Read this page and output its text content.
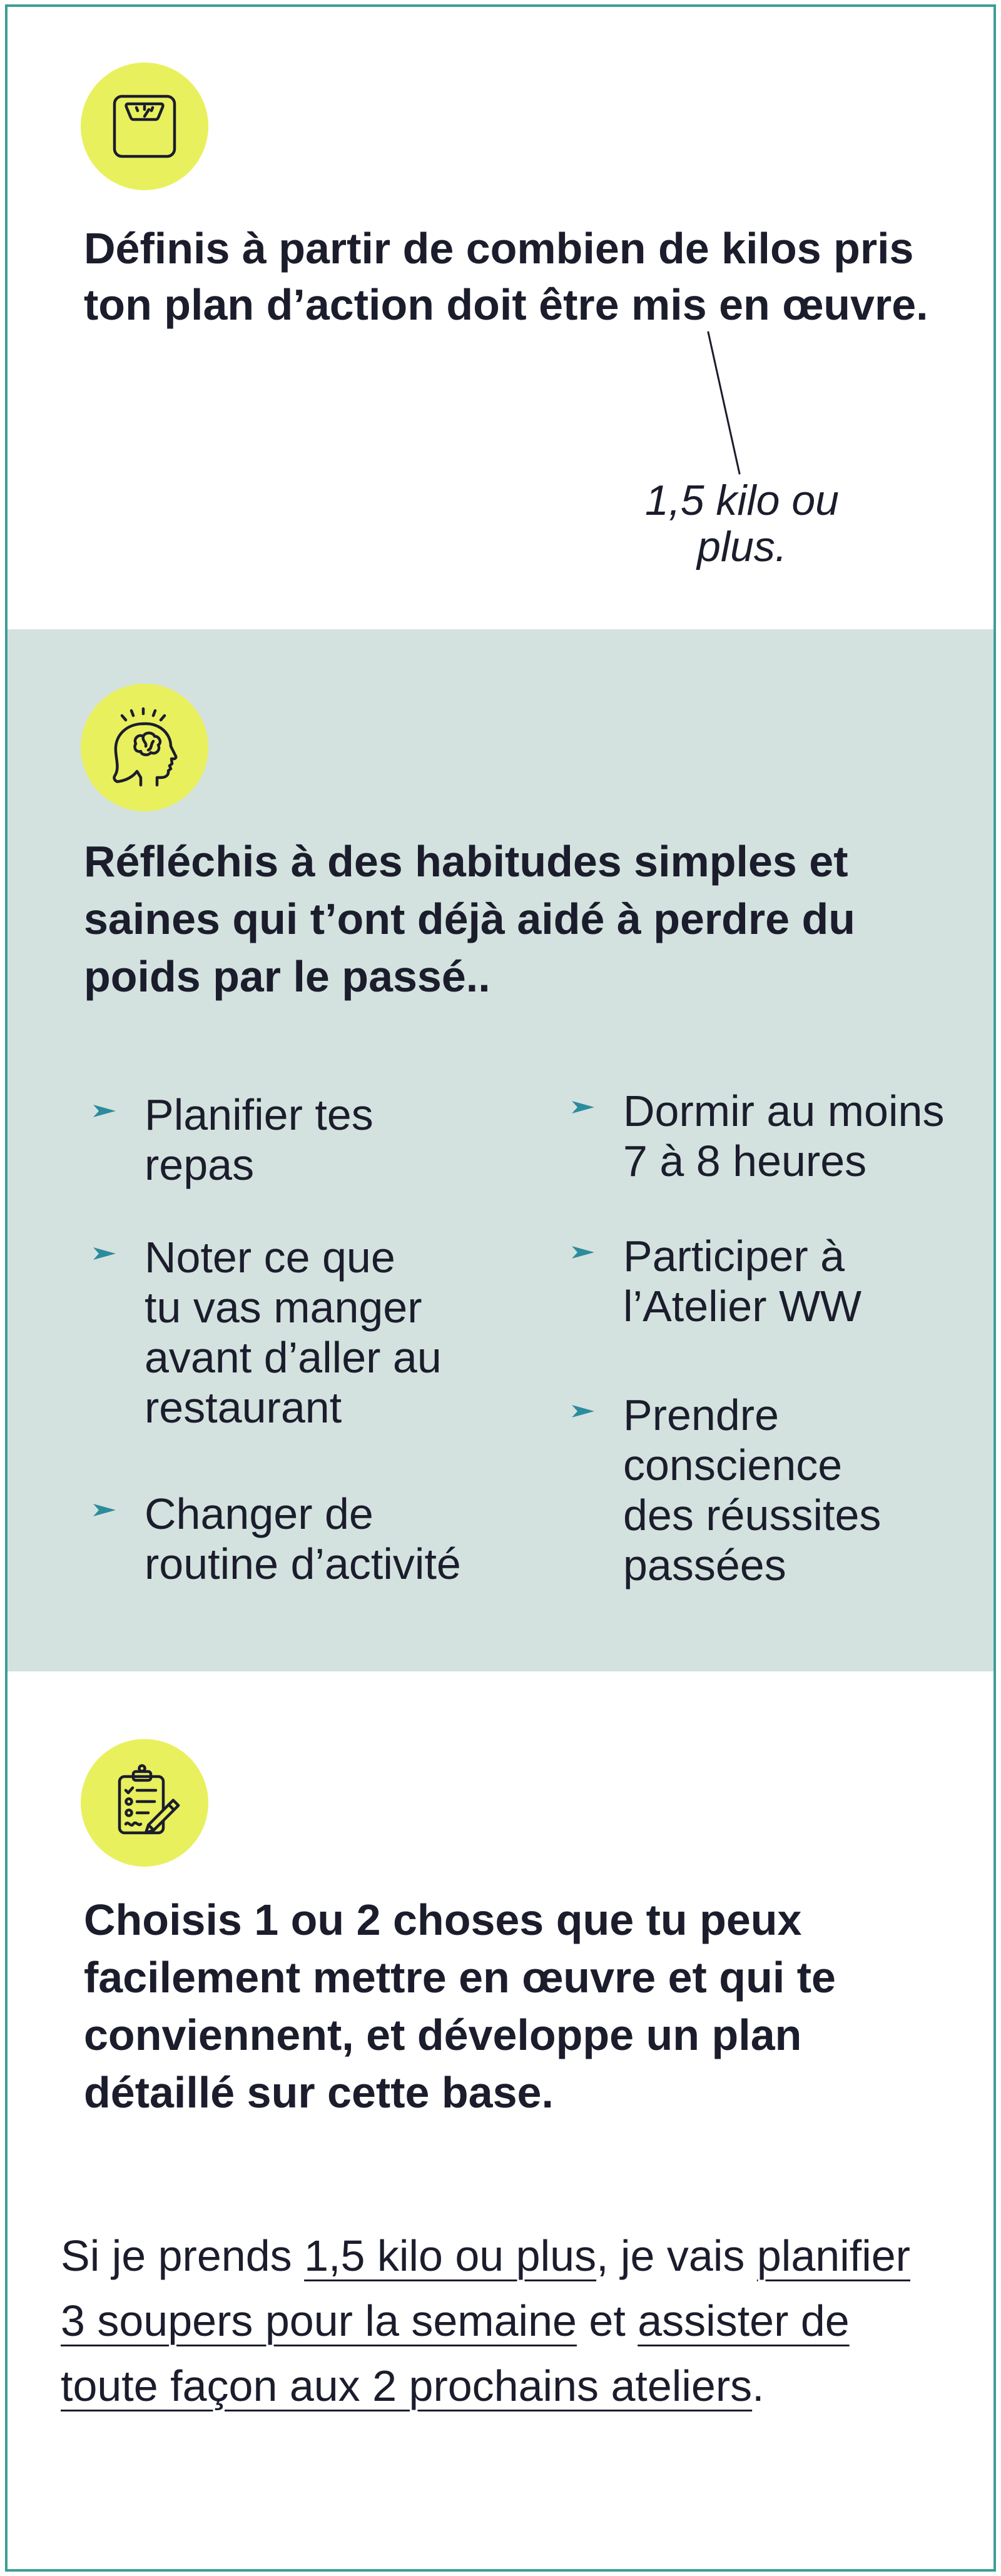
Définis à partir de combien de kilos pris
ton plan d’action doit être mis en œuvre.
1,5 kilo ou
plus.
Réfléchis à des habitudes simples et
saines qui t’ont déjà aidé à perdre du
poids par le passé..
Planifier tes
repas
Noter ce que
tu vas manger
avant d’aller au
restaurant
Changer de
routine d’activité
Dormir au moins
7 à 8 heures
Participer à
l’Atelier WW
Prendre
conscience
des réussites
passées
Choisis 1 ou 2 choses que tu peux
facilement mettre en œuvre et qui te
conviennent, et développe un plan
détaillé sur cette base.
Si je prends 1,5 kilo ou plus, je vais planifier
3 soupers pour la semaine et assister de
toute façon aux 2 prochains ateliers.
